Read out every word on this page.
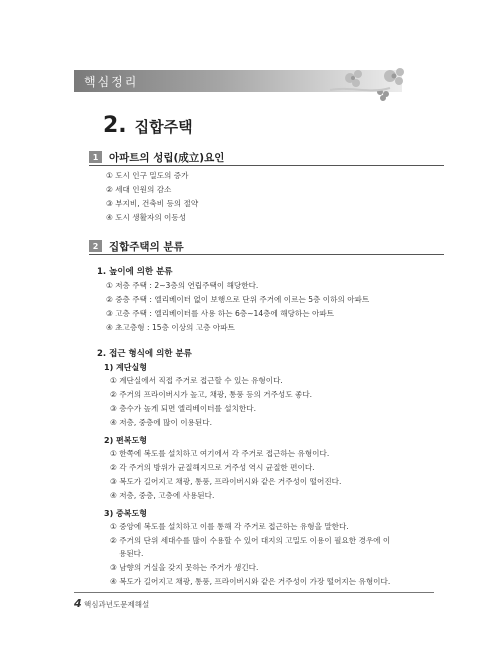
핵심정리
2. 집합주택
1	아파트의 성립(成立)요인
① 도시 인구 밀도의 증가
② 세대 인원의 감소
③ 부지비, 건축비 등의 절약
④ 도시 생활자의 이동성
2	집합주택의 분류
1. 높이에 의한 분류
① 저층 주택 : 2~3층의 연립주택이 해당한다.
② 중층 주택 : 엘리베이터 없이 보행으로 단위 주거에 이르는 5층 이하의 아파트
③ 고층 주택 : 엘리베이터를 사용 하는 6층~14층에 해당하는 아파트
④ 초고층형 : 15층 이상의 고층 아파트
2. 접근 형식에 의한 분류
1) 계단실형
① 계단실에서 직접 주거로 접근할 수 있는 유형이다.
② 주거의 프라이버시가 높고, 채광, 통풍 등의 거주성도 좋다.
③ 층수가 높게 되면 엘리베이터를 설치한다.
④ 저층, 중층에 많이 이용된다.
2) 편복도형
① 한쪽에 복도를 설치하고 여기에서 각 주거로 접근하는 유형이다.
② 각 주거의 방위가 균질해지므로 거주성 역시 균질한 편이다.
③ 복도가 길어지고 채광, 통풍, 프라이버시와 같은 거주성이 떨어진다.
④ 저층, 중층, 고층에 사용된다.
3) 중복도형
① 중앙에 복도를 설치하고 이를 통해 각 주거로 접근하는 유형을 말한다.
② 주거의 단위 세대수를 많이 수용할 수 있어 대지의 고밀도 이용이 필요한 경우에 이
용된다.
③ 남향의 거실을 갖지 못하는 주거가 생긴다.
④ 복도가 길어지고 채광, 통풍, 프라이버시와 같은 거주성이 가장 떨어지는 유형이다.
4 핵심과년도문제해설
